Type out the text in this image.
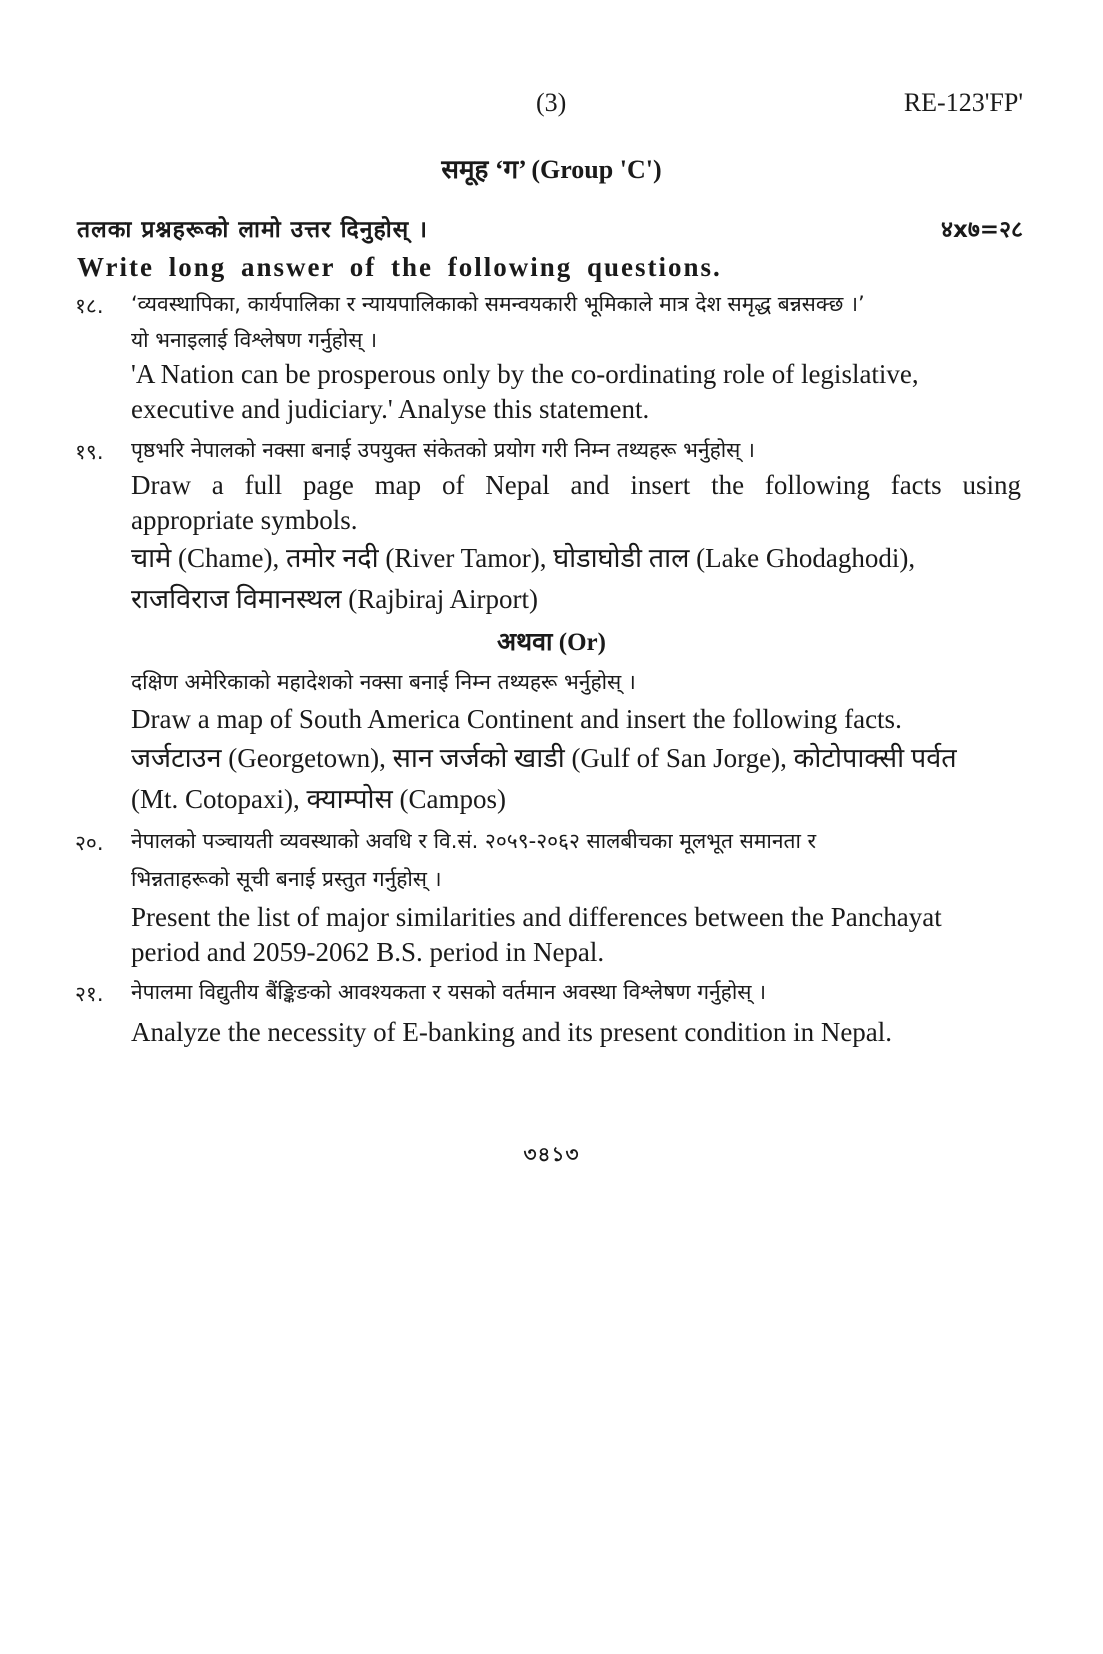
(3)	RE-123'FP'
समूह ‘ग’ (Group 'C')
तलका प्रश्नहरूको लामो उत्तर दिनुहोस् ।	४x७=२८
Write long answer of the following questions.
१८. ‘व्यवस्थापिका, कार्यपालिका र न्यायपालिकाको समन्वयकारी भूमिकाले मात्र देश समृद्ध बन्नसक्छ ।’
यो भनाइलाई विश्लेषण गर्नुहोस् ।
'A Nation can be prosperous only by the co-ordinating role of legislative,
executive and judiciary.' Analyse this statement.
१९. पृष्ठभरि नेपालको नक्सा बनाई उपयुक्त संकेतको प्रयोग गरी निम्न तथ्यहरू भर्नुहोस् ।
Draw a full page map of Nepal and insert the following facts using
appropriate symbols.
चामे (Chame), तमोर नदी (River Tamor), घोडाघोडी ताल (Lake Ghodaghodi),
राजविराज विमानस्थल (Rajbiraj Airport)
अथवा (Or)
दक्षिण अमेरिकाको महादेशको नक्सा बनाई निम्न तथ्यहरू भर्नुहोस् ।
Draw a map of South America Continent and insert the following facts.
जर्जटाउन (Georgetown), सान जर्जको खाडी (Gulf of San Jorge), कोटोपाक्सी पर्वत
(Mt. Cotopaxi), क्याम्पोस (Campos)
२०. नेपालको पञ्चायती व्यवस्थाको अवधि र वि.सं. २०५९-२०६२ सालबीचका मूलभूत समानता र
भिन्नताहरूको सूची बनाई प्रस्तुत गर्नुहोस् ।
Present the list of major similarities and differences between the Panchayat
period and 2059-2062 B.S. period in Nepal.
२१. नेपालमा विद्युतीय बैंङ्किङको आवश्यकता र यसको वर्तमान अवस्था विश्लेषण गर्नुहोस् ।
Analyze the necessity of E-banking and its present condition in Nepal.
৩৪১৩
